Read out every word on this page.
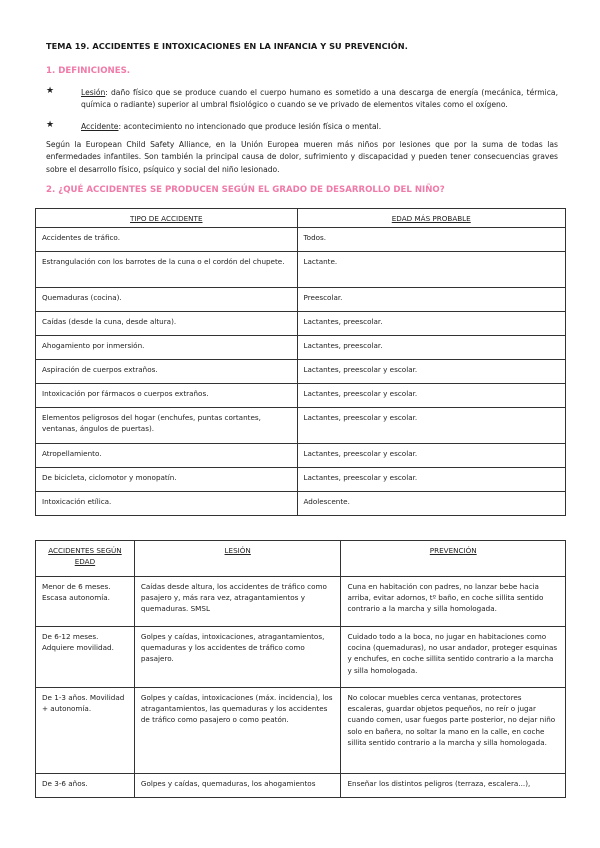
TEMA 19. ACCIDENTES E INTOXICACIONES EN LA INFANCIA Y SU PREVENCIÓN.
1. DEFINICIONES.
★	Lesión: daño físico que se produce cuando el cuerpo humano es sometido a una descarga de energía (mecánica, térmica, química o radiante) superior al umbral fisiológico o cuando se ve privado de elementos vitales como el oxígeno.
★	Accidente: acontecimiento no intencionado que produce lesión física o mental.
Según la European Child Safety Alliance, en la Unión Europea mueren más niños por lesiones que por la suma de todas las enfermedades infantiles. Son también la principal causa de dolor, sufrimiento y discapacidad y pueden tener consecuencias graves sobre el desarrollo físico, psíquico y social del niño lesionado.
2. ¿QUÉ ACCIDENTES SE PRODUCEN SEGÚN EL GRADO DE DESARROLLO DEL NIÑO?
TIPO DE ACCIDENTE	EDAD MÁS PROBABLE
Accidentes de tráfico.	Todos.
Estrangulación con los barrotes de la cuna o el cordón del chupete.	Lactante.
Quemaduras (cocina).	Preescolar.
Caídas (desde la cuna, desde altura).	Lactantes, preescolar.
Ahogamiento por inmersión.	Lactantes, preescolar.
Aspiración de cuerpos extraños.	Lactantes, preescolar y escolar.
Intoxicación por fármacos o cuerpos extraños.	Lactantes, preescolar y escolar.
Elementos peligrosos del hogar (enchufes, puntas cortantes, ventanas, ángulos de puertas).	Lactantes, preescolar y escolar.
Atropellamiento.	Lactantes, preescolar y escolar.
De bicicleta, ciclomotor y monopatín.	Lactantes, preescolar y escolar.
Intoxicación etílica.	Adolescente.
ACCIDENTES SEGÚN EDAD	LESIÓN	PREVENCIÓN
Menor de 6 meses. Escasa autonomía.	Caídas desde altura, los accidentes de tráfico como pasajero y, más rara vez, atragantamientos y quemaduras. SMSL	Cuna en habitación con padres, no lanzar bebe hacia arriba, evitar adornos, tº baño, en coche sillita sentido contrario a la marcha y silla homologada.
De 6-12 meses. Adquiere movilidad.	Golpes y caídas, intoxicaciones, atragantamientos, quemaduras y los accidentes de tráfico como pasajero.	Cuidado todo a la boca, no jugar en habitaciones como cocina (quemaduras), no usar andador, proteger esquinas y enchufes, en coche sillita sentido contrario a la marcha y silla homologada.
De 1-3 años. Movilidad + autonomía.	Golpes y caídas, intoxicaciones (máx. incidencia), los atragantamientos, las quemaduras y los accidentes de tráfico como pasajero o como peatón.	No colocar muebles cerca ventanas, protectores escaleras, guardar objetos pequeños, no reír o jugar cuando comen, usar fuegos parte posterior, no dejar niño solo en bañera, no soltar la mano en la calle, en coche sillita sentido contrario a la marcha y silla homologada.
De 3-6 años.	Golpes y caídas, quemaduras, los ahogamientos	Enseñar los distintos peligros (terraza, escalera...),
